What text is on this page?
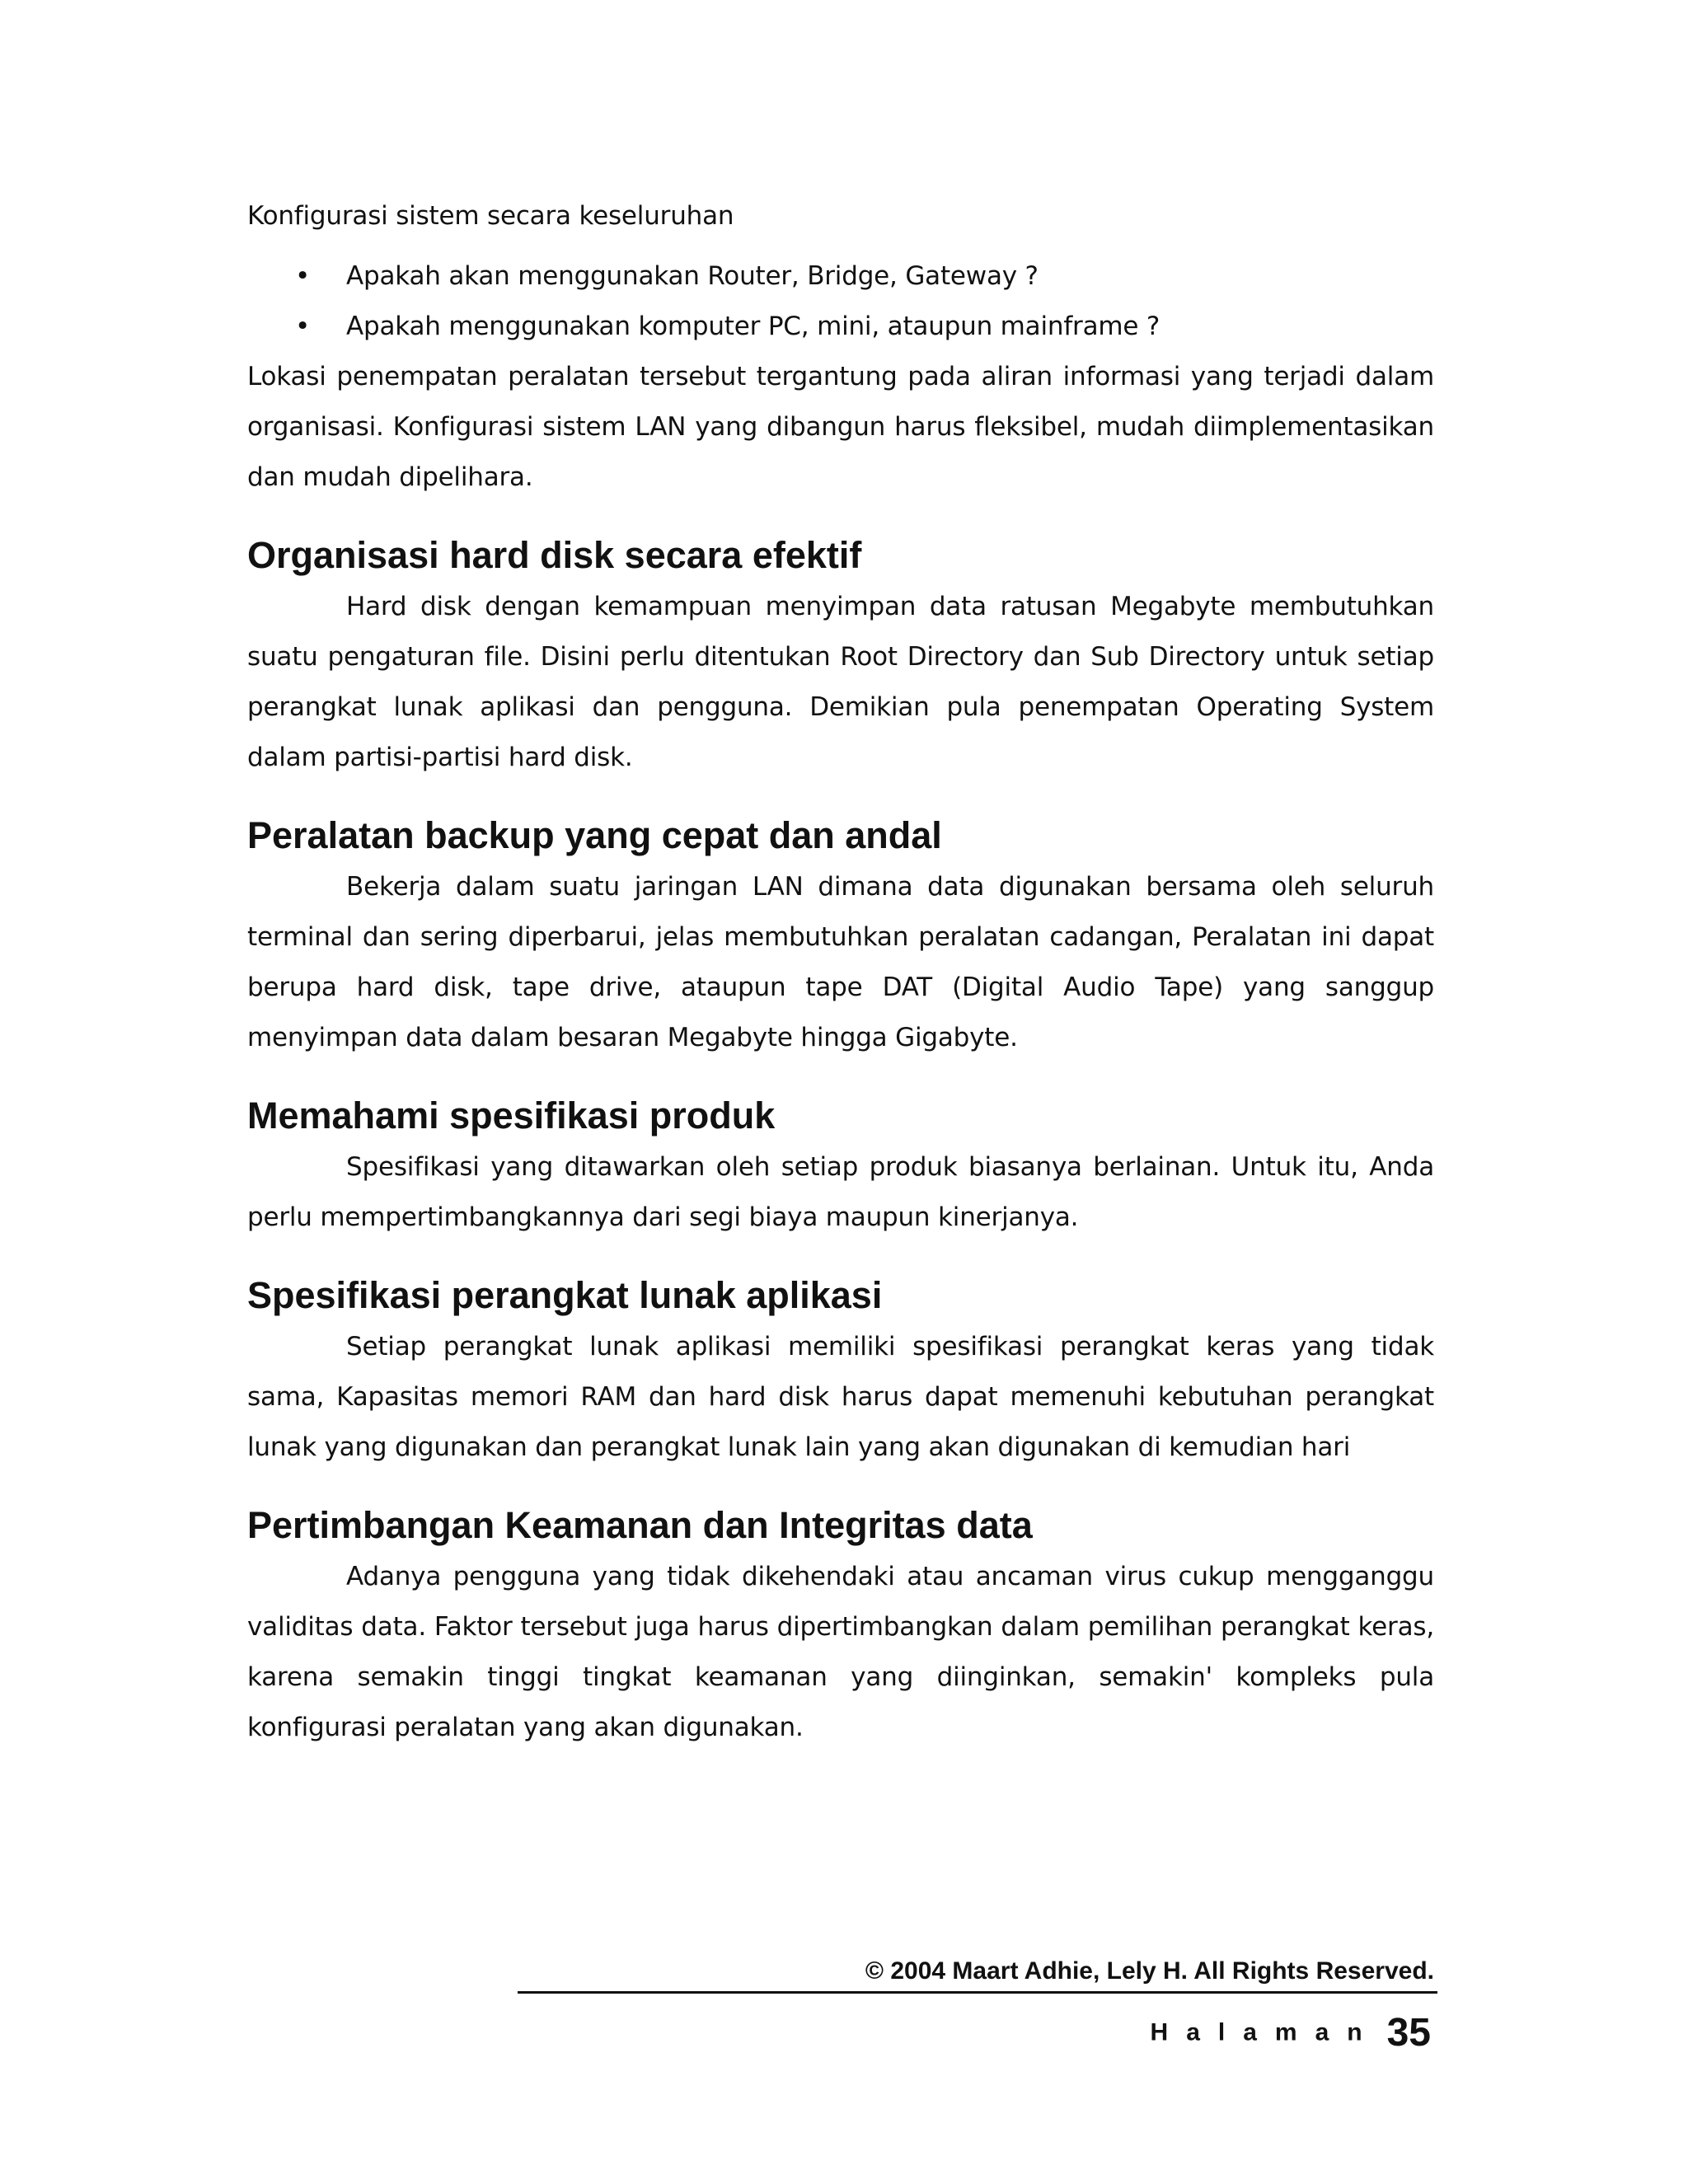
Konfigurasi sistem secara keseluruhan

• Apakah akan menggunakan Router, Bridge, Gateway ?
• Apakah menggunakan komputer PC, mini, ataupun mainframe ?

Lokasi penempatan peralatan tersebut tergantung pada aliran informasi yang terjadi dalam organisasi. Konfigurasi sistem LAN yang dibangun harus fleksibel, mudah diimplementasikan dan mudah dipelihara.

Organisasi hard disk secara efektif

Hard disk dengan kemampuan menyimpan data ratusan Megabyte membutuhkan suatu pengaturan file. Disini perlu ditentukan Root Directory dan Sub Directory untuk setiap perangkat lunak aplikasi dan pengguna. Demikian pula penempatan Operating System dalam partisi-partisi hard disk.

Peralatan backup yang cepat dan andal

Bekerja dalam suatu jaringan LAN dimana data digunakan bersama oleh seluruh terminal dan sering diperbarui, jelas membutuhkan peralatan cadangan, Peralatan ini dapat berupa hard disk, tape drive, ataupun tape DAT (Digital Audio Tape) yang sanggup menyimpan data dalam besaran Megabyte hingga Gigabyte.

Memahami spesifikasi produk

Spesifikasi yang ditawarkan oleh setiap produk biasanya berlainan. Untuk itu, Anda perlu mempertimbangkannya dari segi biaya maupun kinerjanya.

Spesifikasi perangkat lunak aplikasi

Setiap perangkat lunak aplikasi memiliki spesifikasi perangkat keras yang tidak sama, Kapasitas memori RAM dan hard disk harus dapat memenuhi kebutuhan perangkat lunak yang digunakan dan perangkat lunak lain yang akan digunakan di kemudian hari

Pertimbangan Keamanan dan Integritas data

Adanya pengguna yang tidak dikehendaki atau ancaman virus cukup mengganggu validitas data. Faktor tersebut juga harus dipertimbangkan dalam pemilihan perangkat keras, karena semakin tinggi tingkat keamanan yang diinginkan, semakin' kompleks pula konfigurasi peralatan yang akan digunakan.

© 2004 Maart Adhie, Lely H. All Rights Reserved.
Halaman 35
